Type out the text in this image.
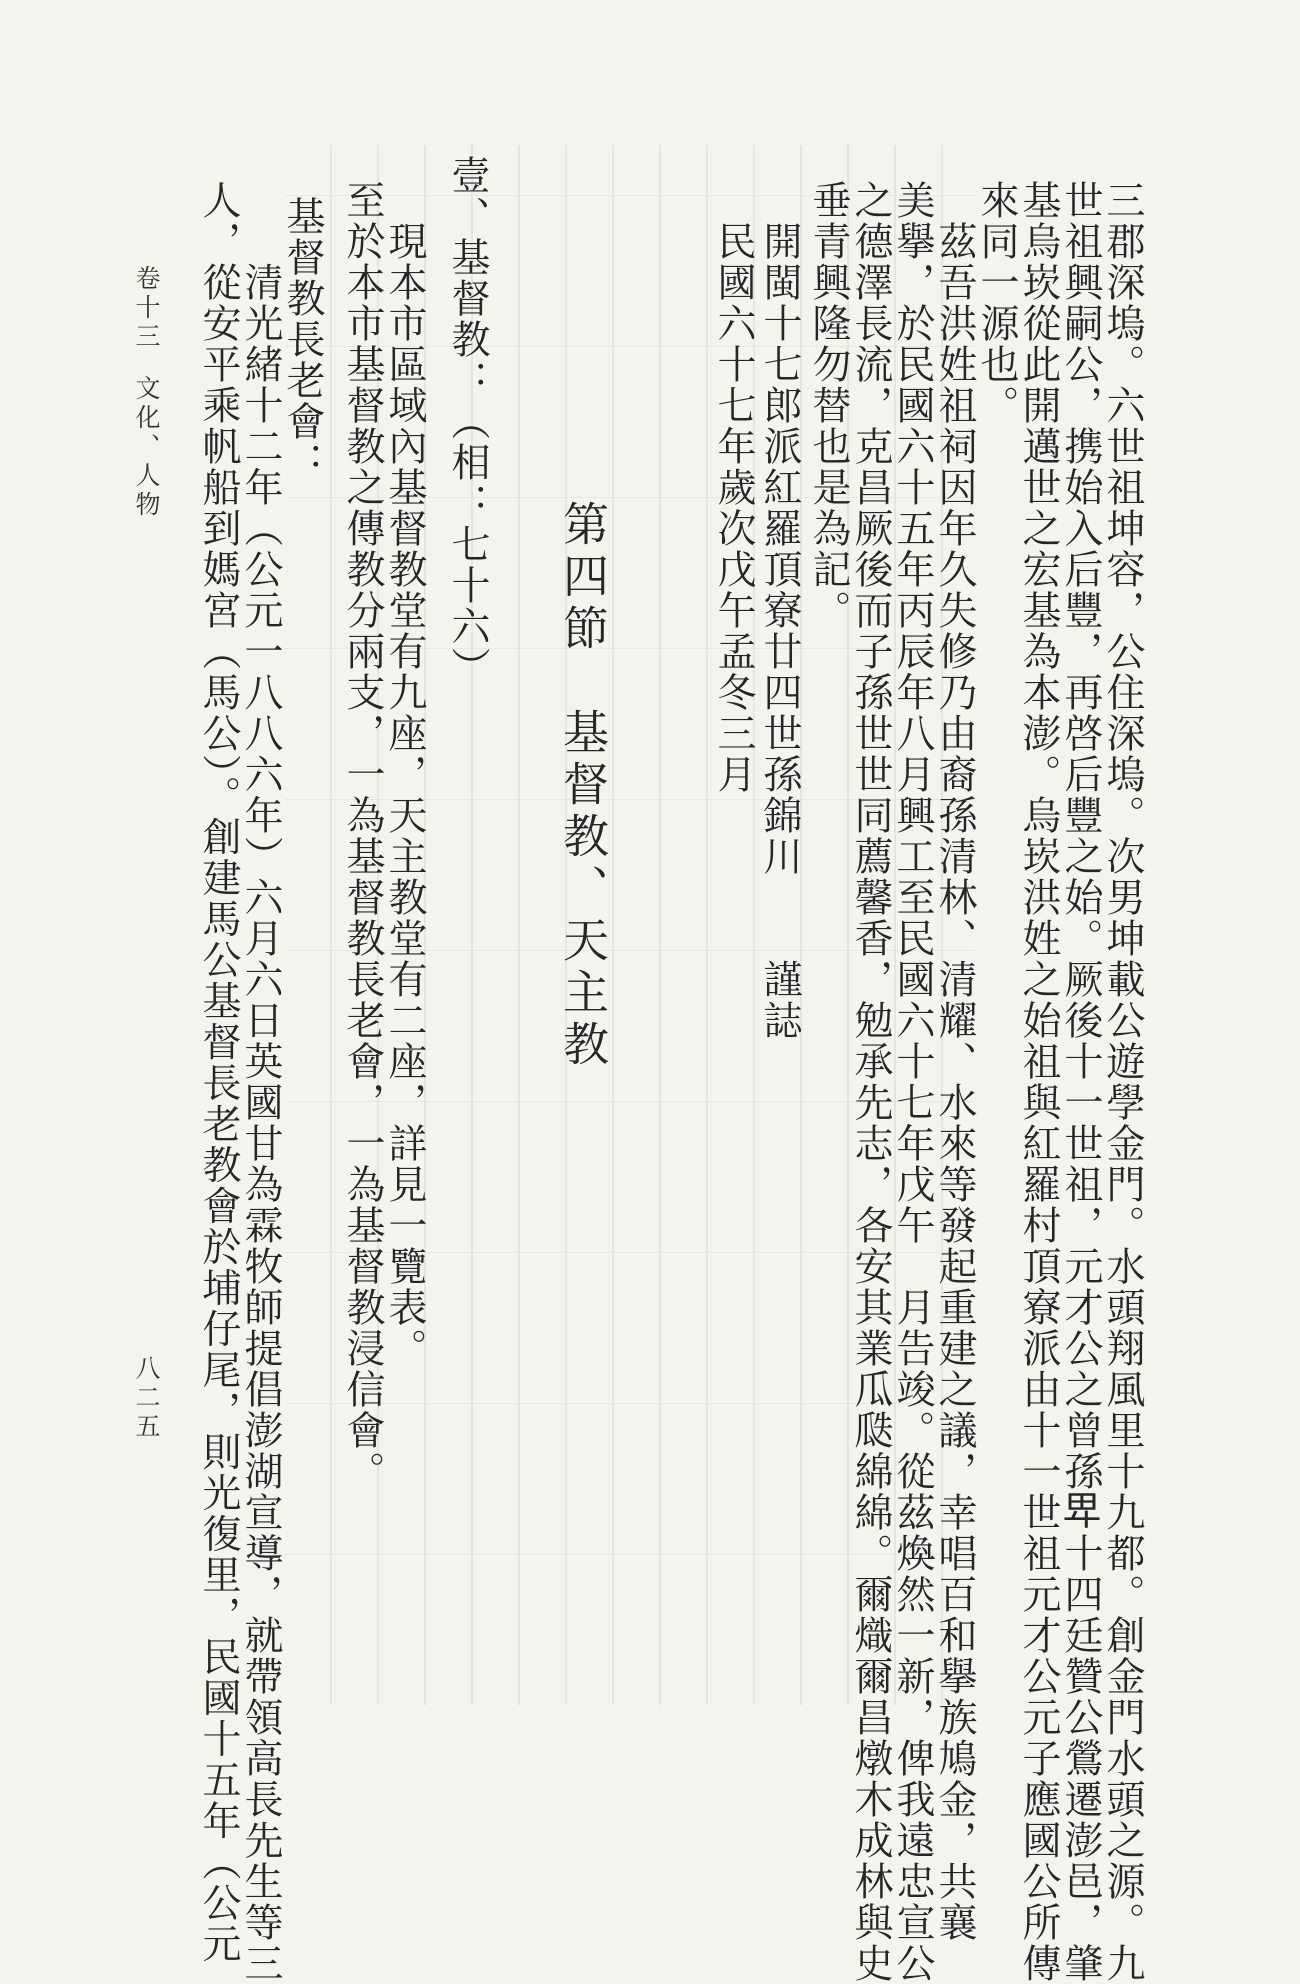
三郡深塢。六世祖坤容，公住深塢。次男坤載公遊學金門。水頭翔風里十九都。創金門水頭之源。九
世祖興嗣公，携始入后豐，再啓后豐之始。厥後十一世祖，元才公之曾孫𤰞十四廷贊公鶯遷澎邑，肇
基烏崁從此開邁世之宏基為本澎。烏崁洪姓之始祖與紅羅村頂寮派由十一世祖元才公元子應國公所傳
來同一源也。
　茲吾洪姓祖祠因年久失修乃由裔孫清林、清耀、水來等發起重建之議，幸唱百和擧族鳩金，共襄
美擧，於民國六十五年丙辰年八月興工至民國六十七年戊午　月告竣。從茲煥然一新，俾我遠忠宣公
之德澤長流，克昌厥後而子孫世世同薦馨香，勉承先志，各安其業瓜瓞綿綿。爾熾爾昌燉木成林與史
垂青興隆勿替也是為記。
　開閩十七郎派紅羅頂寮廿四世孫錦川　　謹誌
　民國六十七年歲次戊午孟冬三月
第四節　基督教、天主教
壹、基督教：（相：七十六）
　現本市區域內基督教堂有九座，天主教堂有二座，詳見一覽表。
至於本市基督教之傳教分兩支，一為基督教長老會，一為基督教浸信會。
　基督教長老會：
　　清光緒十二年（公元一八八六年）六月六日英國甘為霖牧師提倡澎湖宣導，就帶領高長先生等三
人，從安平乘帆船到媽宮（馬公）。創建馬公基督長老教會於埔仔尾，則光復里，民國十五年（公元
卷十三
文化、人物
八二五
